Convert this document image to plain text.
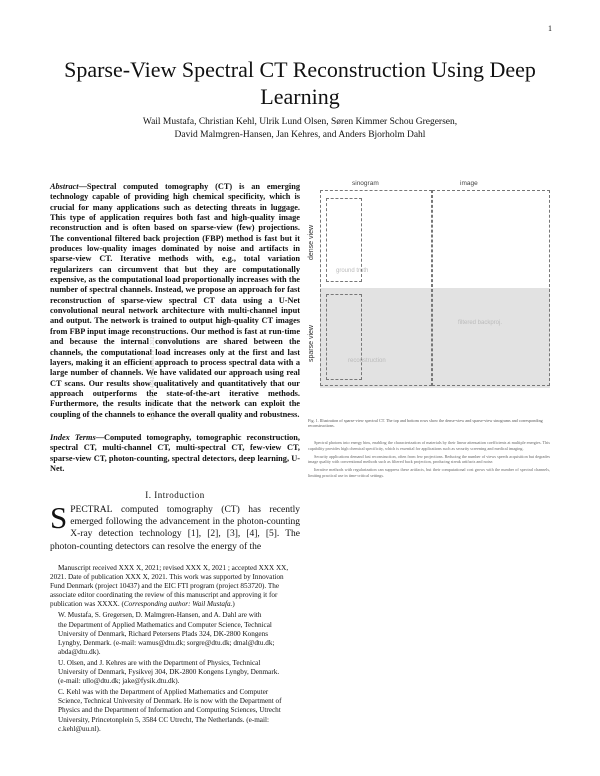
1
Sparse-View Spectral CT Reconstruction Using Deep Learning
Wail Mustafa, Christian Kehl, Ulrik Lund Olsen, Søren Kimmer Schou Gregersen,
David Malmgren-Hansen, Jan Kehres, and Anders Bjorholm Dahl
Abstract—Spectral computed tomography (CT) is an emerging technology capable of providing high chemical specificity, which is crucial for many applications such as detecting threats in luggage. This type of application requires both fast and high-quality image reconstruction and is often based on sparse-view (few) projections. The conventional filtered back projection (FBP) method is fast but it produces low-quality images dominated by noise and artifacts in sparse-view CT. Iterative methods with, e.g., total variation regularizers can circumvent that but they are computationally expensive, as the computational load proportionally increases with the number of spectral channels. Instead, we propose an approach for fast reconstruction of sparse-view spectral CT data using a U-Net convolutional neural network architecture with multi-channel input and output. The network is trained to output high-quality CT images from FBP input image reconstructions. Our method is fast at run-time and because the internal convolutions are shared between the channels, the computational load increases only at the first and last layers, making it an efficient approach to process spectral data with a large number of channels. We have validated our approach using real CT scans. Our results show qualitatively and quantitatively that our approach outperforms the state-of-the-art iterative methods. Furthermore, the results indicate that the network can exploit the coupling of the channels to enhance the overall quality and robustness.
Index Terms—Computed tomography, tomographic reconstruction, spectral CT, multi-channel CT, multi-spectral CT, few-view CT, sparse-view CT, photon-counting, spectral detectors, deep learning, U-Net.
I. Introduction
SPECTRAL computed tomography (CT) has recently emerged following the advancement in the photon-counting X-ray detection technology [1], [2], [3], [4], [5]. The photon-counting detectors can resolve the energy of the

Manuscript received XXX X, 2021; revised XXX X, 2021 ; accepted XXX XX, 2021. Date of publication XXX X, 2021. This work was supported by Innovation Fund Denmark (project 10437) and the EIC FTI program (project 853720). The associate editor coordinating the review of this manuscript and approving it for publication was XXXX. (Corresponding author: Wail Mustafa.)

W. Mustafa, S. Gregersen, D. Malmgren-Hansen, and A. Dahl are with
the Department of Applied Mathematics and Computer Science, Technical
University of Denmark, Richard Petersens Plads 324, DK-2800 Kongens
Lyngby, Denmark. (e-mail: wamus@dtu.dk; sorgre@dtu.dk; dmal@dtu.dk;
abda@dtu.dk).

U. Olsen, and J. Kehres are with the Department of Physics, Technical
University of Denmark, Fysikvej 304, DK-2800 Kongens Lyngby, Denmark.
(e-mail: ullo@dtu.dk; jake@fysik.dtu.dk).

C. Kehl was with the Department of Applied Mathematics and Computer
Science, Technical University of Denmark. He is now with the Department of
Physics and the Department of Information and Computing Sciences, Utrecht
University, Princetonplein 5, 3584 CC Utrecht, The Netherlands. (e-mail:
c.kehl@uu.nl).

sinogram	image
dense view
sparse view
ground truth
filtered backproj.
reconstruction
Fig. 1. Illustration of sparse-view spectral CT. The top and bottom rows show the dense-view and sparse-view sinograms and corresponding reconstructions.

Spectral photons into energy bins, enabling the characterization of materials by their linear attenuation coefficients at multiple energies. This capability provides high chemical specificity, which is essential for applications such as security screening and medical imaging.

Security applications demand fast reconstruction, often from few projections. Reducing the number of views speeds acquisition but degrades image quality with conventional methods such as filtered back projection, producing streak artifacts and noise.

Iterative methods with regularization can suppress these artifacts, but their computational cost grows with the number of spectral channels, limiting practical use in time-critical settings.

arXiv:2011.14842v2 [eess.IV] 2021
